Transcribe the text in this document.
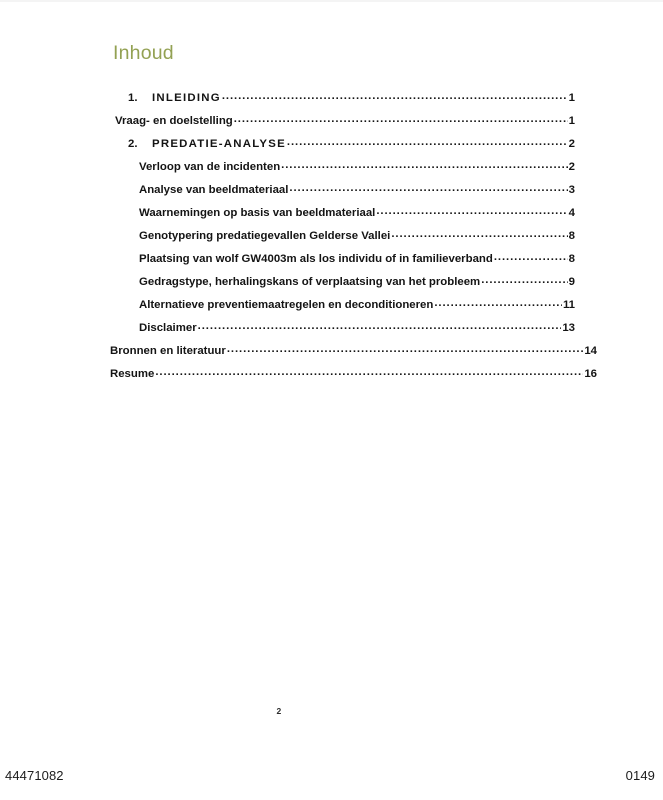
Inhoud
1.	INLEIDING .....	1
Vraag- en doelstelling .....	1
2.	PREDATIE-ANALYSE .....	2
Verloop van de incidenten .....	2
Analyse van beeldmateriaal .....	3
Waarnemingen op basis van beeldmateriaal .....	4
Genotypering predatiegevallen Gelderse Vallei .....	8
Plaatsing van wolf GW4003m als los individu of in familieverband .....	8
Gedragstype, herhalingskans of verplaatsing van het probleem .....	9
Alternatieve preventiemaatregelen en deconditioneren .....	11
Disclaimer .....	13
Bronnen en literatuur .....	14
Resume .....	16
2
44471082	0149
